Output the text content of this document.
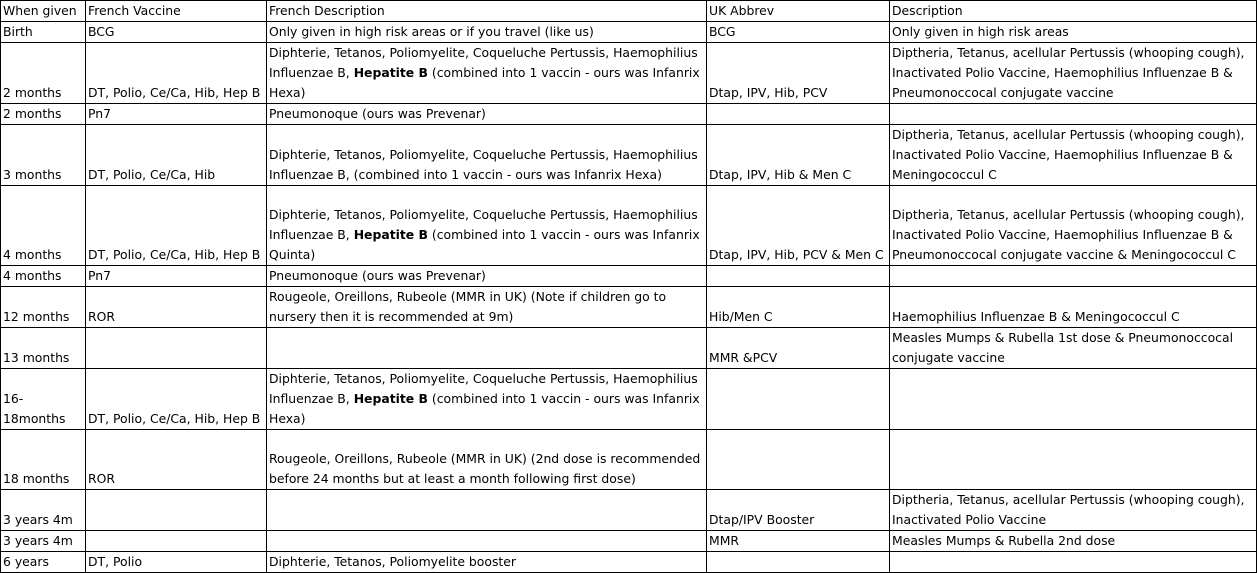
When given	French Vaccine	French Description	UK Abbrev	Description
Birth	BCG	Only given in high risk areas or if you travel (like us)	BCG	Only given in high risk areas
2 months	DT, Polio, Ce/Ca, Hib, Hep B	Diphterie, Tetanos, Poliomyelite, Coqueluche Pertussis, Haemophilius Influenzae B, Hepatite B (combined into 1 vaccin - ours was Infanrix Hexa)	Dtap, IPV, Hib, PCV	Diptheria, Tetanus, acellular Pertussis (whooping cough), Inactivated Polio Vaccine, Haemophilius Influenzae B & Pneumonoccocal conjugate vaccine
2 months	Pn7	Pneumonoque (ours was Prevenar)		
3 months	DT, Polio, Ce/Ca, Hib	Diphterie, Tetanos, Poliomyelite, Coqueluche Pertussis, Haemophilius Influenzae B, (combined into 1 vaccin - ours was Infanrix Hexa)	Dtap, IPV, Hib & Men C	Diptheria, Tetanus, acellular Pertussis (whooping cough), Inactivated Polio Vaccine, Haemophilius Influenzae B & Meningococcul C
4 months	DT, Polio, Ce/Ca, Hib, Hep B	Diphterie, Tetanos, Poliomyelite, Coqueluche Pertussis, Haemophilius Influenzae B, Hepatite B (combined into 1 vaccin - ours was Infanrix Quinta)	Dtap, IPV, Hib, PCV & Men C	Diptheria, Tetanus, acellular Pertussis (whooping cough), Inactivated Polio Vaccine, Haemophilius Influenzae B & Pneumonoccocal conjugate vaccine & Meningococcul C
4 months	Pn7	Pneumonoque (ours was Prevenar)		
12 months	ROR	Rougeole, Oreillons, Rubeole (MMR in UK) (Note if children go to nursery then it is recommended at 9m)	Hib/Men C	Haemophilius Influenzae B & Meningococcul C
13 months			MMR &PCV	Measles Mumps & Rubella 1st dose & Pneumonoccocal conjugate vaccine
16-18months	DT, Polio, Ce/Ca, Hib, Hep B	Diphterie, Tetanos, Poliomyelite, Coqueluche Pertussis, Haemophilius Influenzae B, Hepatite B (combined into 1 vaccin - ours was Infanrix Hexa)		
18 months	ROR	Rougeole, Oreillons, Rubeole (MMR in UK) (2nd dose is recommended before 24 months but at least a month following first dose)		
3 years 4m			Dtap/IPV Booster	Diptheria, Tetanus, acellular Pertussis (whooping cough), Inactivated Polio Vaccine
3 years 4m			MMR	Measles Mumps & Rubella 2nd dose
6 years	DT, Polio	Diphterie, Tetanos, Poliomyelite booster		
